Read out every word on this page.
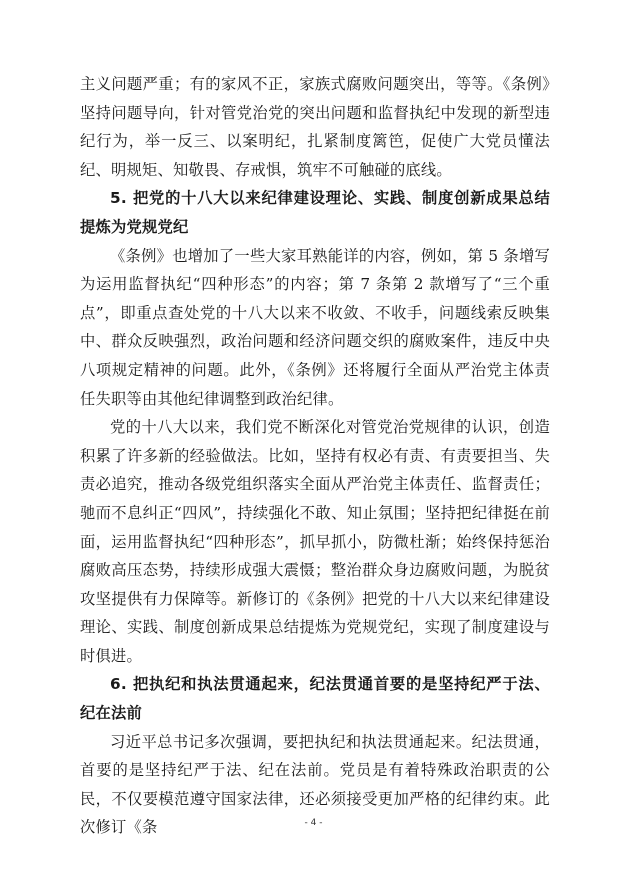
主义问题严重；有的家风不正，家族式腐败问题突出，等等。《条例》坚持问题导向，针对管党治党的突出问题和监督执纪中发现的新型违纪行为，举一反三、以案明纪，扎紧制度篱笆，促使广大党员懂法纪、明规矩、知敬畏、存戒惧，筑牢不可触碰的底线。

5. 把党的十八大以来纪律建设理论、实践、制度创新成果总结提炼为党规党纪

《条例》也增加了一些大家耳熟能详的内容，例如，第 5 条增写为运用监督执纪“四种形态”的内容；第 7 条第 2 款增写了“三个重点”，即重点查处党的十八大以来不收敛、不收手，问题线索反映集中、群众反映强烈，政治问题和经济问题交织的腐败案件，违反中央八项规定精神的问题。此外，《条例》还将履行全面从严治党主体责任失职等由其他纪律调整到政治纪律。

党的十八大以来，我们党不断深化对管党治党规律的认识，创造积累了许多新的经验做法。比如，坚持有权必有责、有责要担当、失责必追究，推动各级党组织落实全面从严治党主体责任、监督责任；驰而不息纠正“四风”，持续强化不敢、知止氛围；坚持把纪律挺在前面，运用监督执纪“四种形态”，抓早抓小，防微杜渐；始终保持惩治腐败高压态势，持续形成强大震慑；整治群众身边腐败问题，为脱贫攻坚提供有力保障等。新修订的《条例》把党的十八大以来纪律建设理论、实践、制度创新成果总结提炼为党规党纪，实现了制度建设与时俱进。

6. 把执纪和执法贯通起来，纪法贯通首要的是坚持纪严于法、纪在法前

习近平总书记多次强调，要把执纪和执法贯通起来。纪法贯通，首要的是坚持纪严于法、纪在法前。党员是有着特殊政治职责的公民，不仅要模范遵守国家法律，还必须接受更加严格的纪律约束。此次修订《条	- 4 -
